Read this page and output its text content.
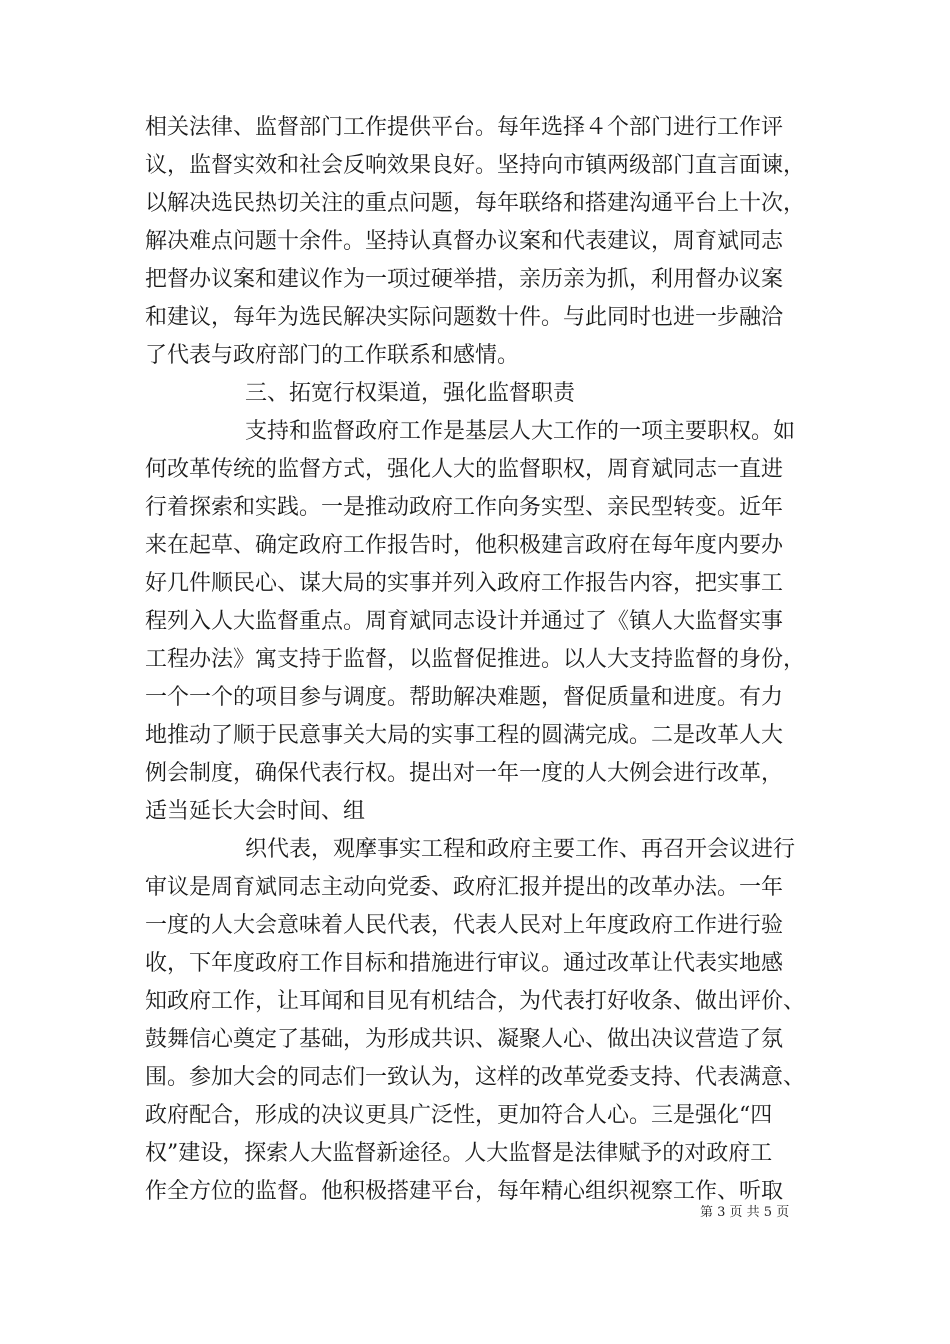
相关法律、监督部门工作提供平台。每年选择４个部门进行工作评
议，监督实效和社会反响效果良好。坚持向市镇两级部门直言面谏，
以解决选民热切关注的重点问题，每年联络和搭建沟通平台上十次，
解决难点问题十余件。坚持认真督办议案和代表建议，周育斌同志
把督办议案和建议作为一项过硬举措，亲历亲为抓，利用督办议案
和建议，每年为选民解决实际问题数十件。与此同时也进一步融洽
了代表与政府部门的工作联系和感情。
三、拓宽行权渠道，强化监督职责
支持和监督政府工作是基层人大工作的一项主要职权。如
何改革传统的监督方式，强化人大的监督职权，周育斌同志一直进
行着探索和实践。一是推动政府工作向务实型、亲民型转变。近年
来在起草、确定政府工作报告时，他积极建言政府在每年度内要办
好几件顺民心、谋大局的实事并列入政府工作报告内容，把实事工
程列入人大监督重点。周育斌同志设计并通过了《镇人大监督实事
工程办法》寓支持于监督，以监督促推进。以人大支持监督的身份，
一个一个的项目参与调度。帮助解决难题，督促质量和进度。有力
地推动了顺于民意事关大局的实事工程的圆满完成。二是改革人大
例会制度，确保代表行权。提出对一年一度的人大例会进行改革，
适当延长大会时间、组
织代表，观摩事实工程和政府主要工作、再召开会议进行
审议是周育斌同志主动向党委、政府汇报并提出的改革办法。一年
一度的人大会意味着人民代表，代表人民对上年度政府工作进行验
收，下年度政府工作目标和措施进行审议。通过改革让代表实地感
知政府工作，让耳闻和目见有机结合，为代表打好收条、做出评价、
鼓舞信心奠定了基础，为形成共识、凝聚人心、做出决议营造了氛
围。参加大会的同志们一致认为，这样的改革党委支持、代表满意、
政府配合，形成的决议更具广泛性，更加符合人心。三是强化“四
权”建设，探索人大监督新途径。人大监督是法律赋予的对政府工
作全方位的监督。他积极搭建平台，每年精心组织视察工作、听取
第 3 页 共 5 页
